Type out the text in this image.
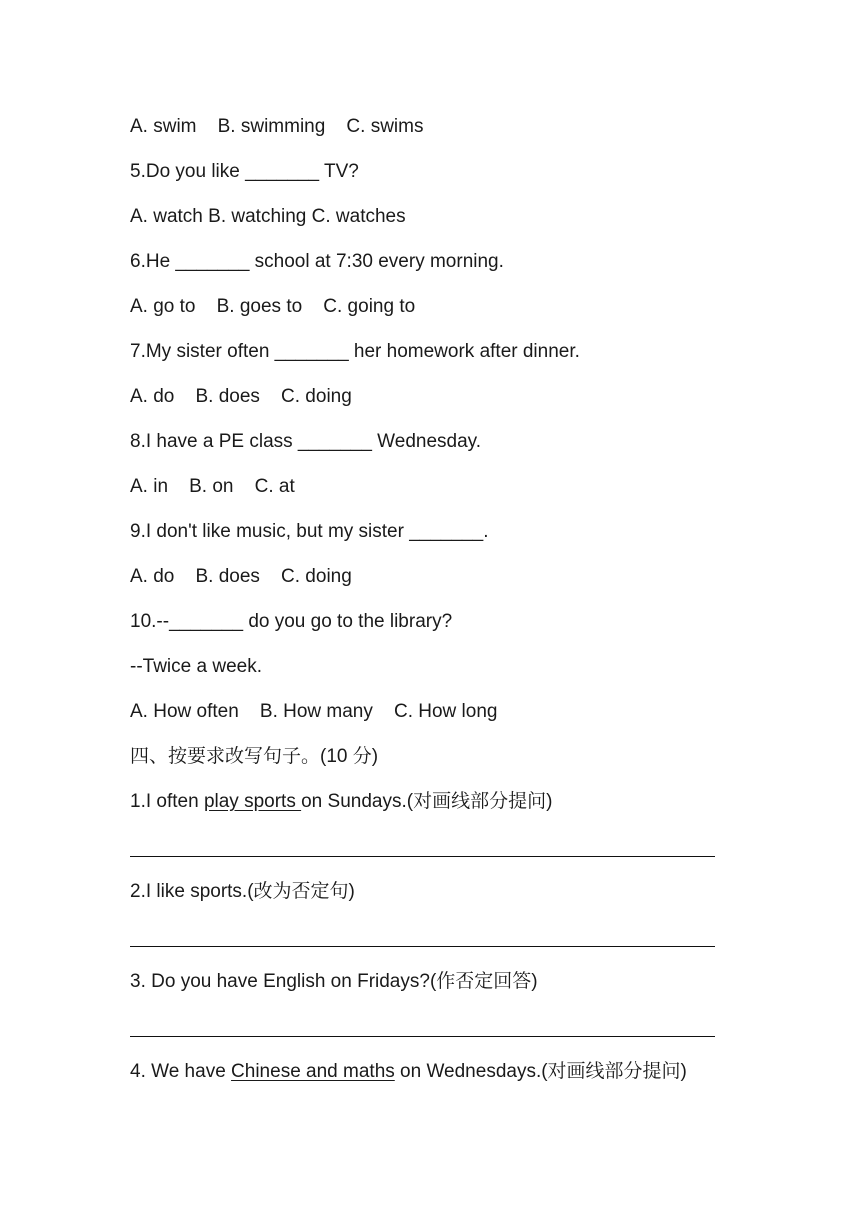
A. swim    B. swimming    C. swims
5.Do you like _______ TV?
A. watch B. watching C. watches
6.He _______ school at 7:30 every morning.
A. go to    B. goes to    C. going to
7.My sister often _______ her homework after dinner.
A. do    B. does    C. doing
8.I have a PE class _______ Wednesday.
A. in    B. on    C. at
9.I don't like music, but my sister _______.
A. do    B. does    C. doing
10.--_______ do you go to the library?
--Twice a week.
A. How often    B. How many    C. How long
四、按要求改写句子。(10 分)
1.I often play sports on Sundays.(对画线部分提问)
2.I like sports.(改为否定句)
3. Do you have English on Fridays?(作否定回答)
4. We have Chinese and maths on Wednesdays.(对画线部分提问)
